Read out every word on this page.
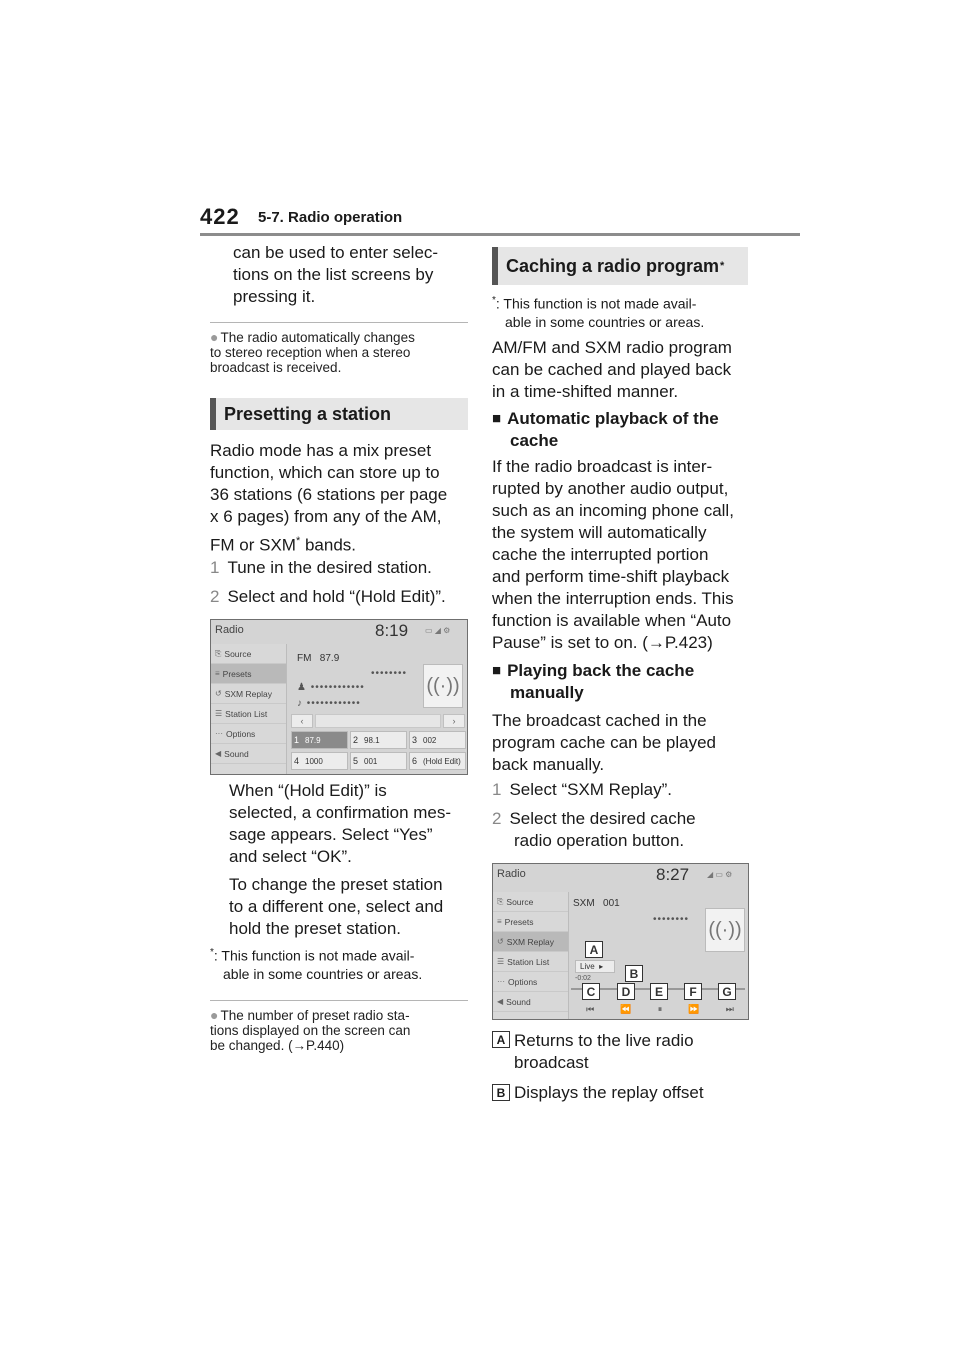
422 5-7. Radio operation
can be used to enter selec-
tions on the list screens by
pressing it.
● The radio automatically changes
to stereo reception when a stereo
broadcast is received.
Presetting a station
Radio mode has a mix preset
function, which can store up to
36 stations (6 stations per page
x 6 pages) from any of the AM,
FM or SXM* bands.
1 Tune in the desired station.
2 Select and hold “(Hold Edit)”.
Radio	8:19 ▭ ◢ ⚙
⎘ Source
≡ Presets
↺ SXM Replay
☰ Station List
··· Options
◀ Sound
FM 87.9
••••••••
♟ ••••••••••••
♪ ••••••••••••
((·))
‹	›
1 87.9	2 98.1	3 002
4 1000	5 001	6 (Hold Edit)
When “(Hold Edit)” is
selected, a confirmation mes-
sage appears. Select “Yes”
and select “OK”.
To change the preset station
to a different one, select and
hold the preset station.
*: This function is not made avail-
able in some countries or areas.
● The number of preset radio sta-
tions displayed on the screen can
be changed. (→P.440)
Caching a radio program *
*: This function is not made avail-
able in some countries or areas.
AM/FM and SXM radio program
can be cached and played back
in a time-shifted manner.
■ Automatic playback of the
cache
If the radio broadcast is inter-
rupted by another audio output,
such as an incoming phone call,
the system will automatically
cache the interrupted portion
and perform time-shift playback
when the interruption ends. This
function is available when “Auto
Pause” is set to on. (→P.423)
■ Playing back the cache
manually
The broadcast cached in the
program cache can be played
back manually.
1 Select “SXM Replay”.
2 Select the desired cache
radio operation button.
Radio	8:27 ◢ ▭ ⚙
⎘ Source
≡ Presets
↺ SXM Replay
☰ Station List
··· Options
◀ Sound
SXM 001
•••••••• ((·))
Live ▸
-0:02
⏮	⏪	⏸	⏩	⏭
A
B
C	D	E	F	G
A Returns to the live radio
broadcast
B Displays the replay offset
